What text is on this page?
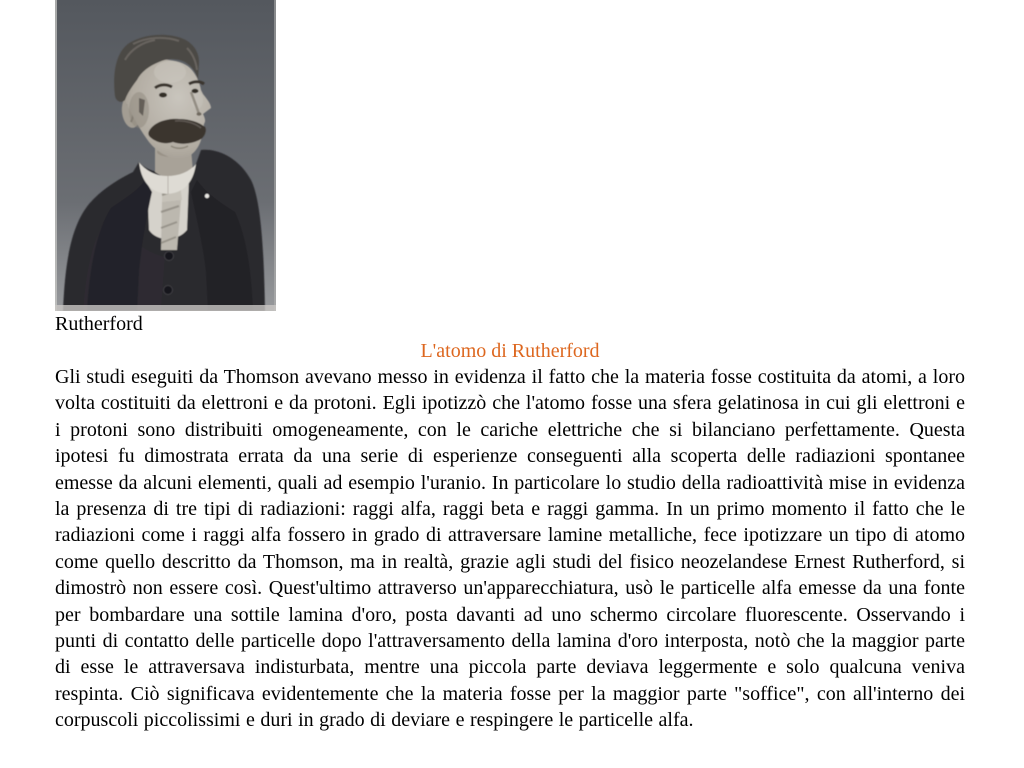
Rutherford
L'atomo di Rutherford

Gli studi eseguiti da Thomson avevano messo in evidenza il fatto che la materia fosse costituita da atomi, a loro volta costituiti da elettroni e da protoni. Egli ipotizzò che l'atomo fosse una sfera gelatinosa in cui gli elettroni e i protoni sono distribuiti omogeneamente, con le cariche elettriche che si bilanciano perfettamente. Questa ipotesi fu dimostrata errata da una serie di esperienze conseguenti alla scoperta delle radiazioni spontanee emesse da alcuni elementi, quali ad esempio l'uranio. In particolare lo studio della radioattività mise in evidenza la presenza di tre tipi di radiazioni: raggi alfa, raggi beta e raggi gamma. In un primo momento il fatto che le radiazioni come i raggi alfa fossero in grado di attraversare lamine metalliche, fece ipotizzare un tipo di atomo come quello descritto da Thomson, ma in realtà, grazie agli studi del fisico neozelandese Ernest Rutherford, si dimostrò non essere così. Quest'ultimo attraverso un'apparecchiatura, usò le particelle alfa emesse da una fonte per bombardare una sottile lamina d'oro, posta davanti ad uno schermo circolare fluorescente. Osservando i punti di contatto delle particelle dopo l'attraversamento della lamina d'oro interposta, notò che la maggior parte di esse le attraversava indisturbata, mentre una piccola parte deviava leggermente e solo qualcuna veniva respinta. Ciò significava evidentemente che la materia fosse per la maggior parte "soffice", con all'interno dei corpuscoli piccolissimi e duri in grado di deviare e respingere le particelle alfa.
